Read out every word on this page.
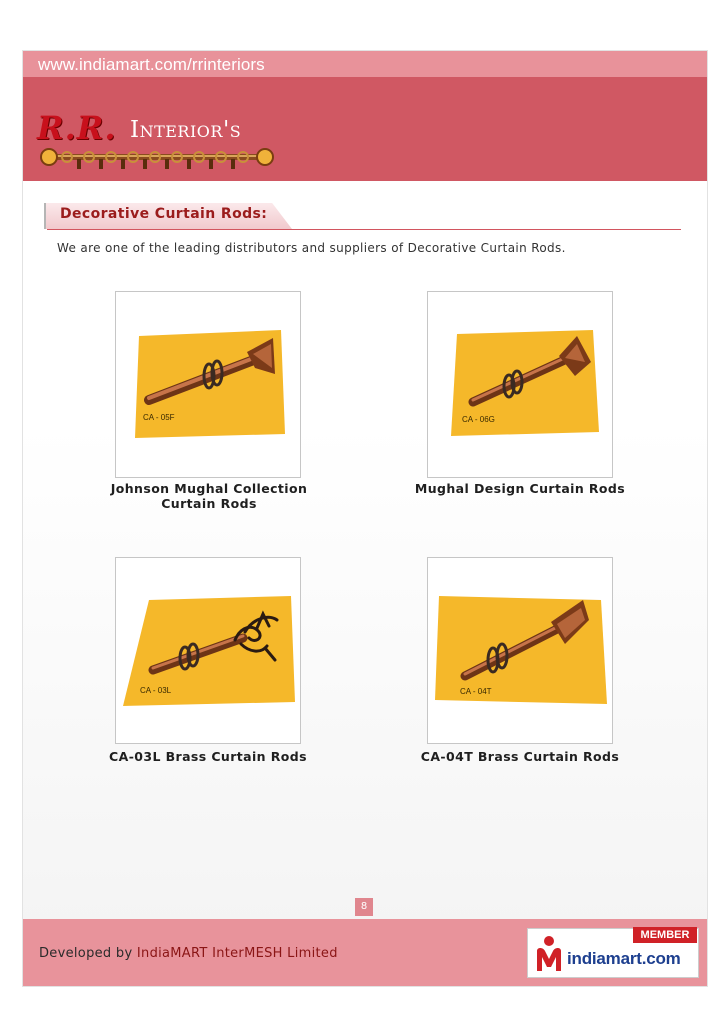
www.indiamart.com/rrinteriors
R.R. Interior's
Decorative Curtain Rods:
We are one of the leading distributors and suppliers of Decorative Curtain Rods.
CA - 05F
Johnson Mughal Collection Curtain Rods
CA - 06G
Mughal Design Curtain Rods
CA - 03L
CA-03L Brass Curtain Rods
CA - 04T
CA-04T Brass Curtain Rods
8
Developed by IndiaMART InterMESH Limited
MEMBER
indiamart.com
